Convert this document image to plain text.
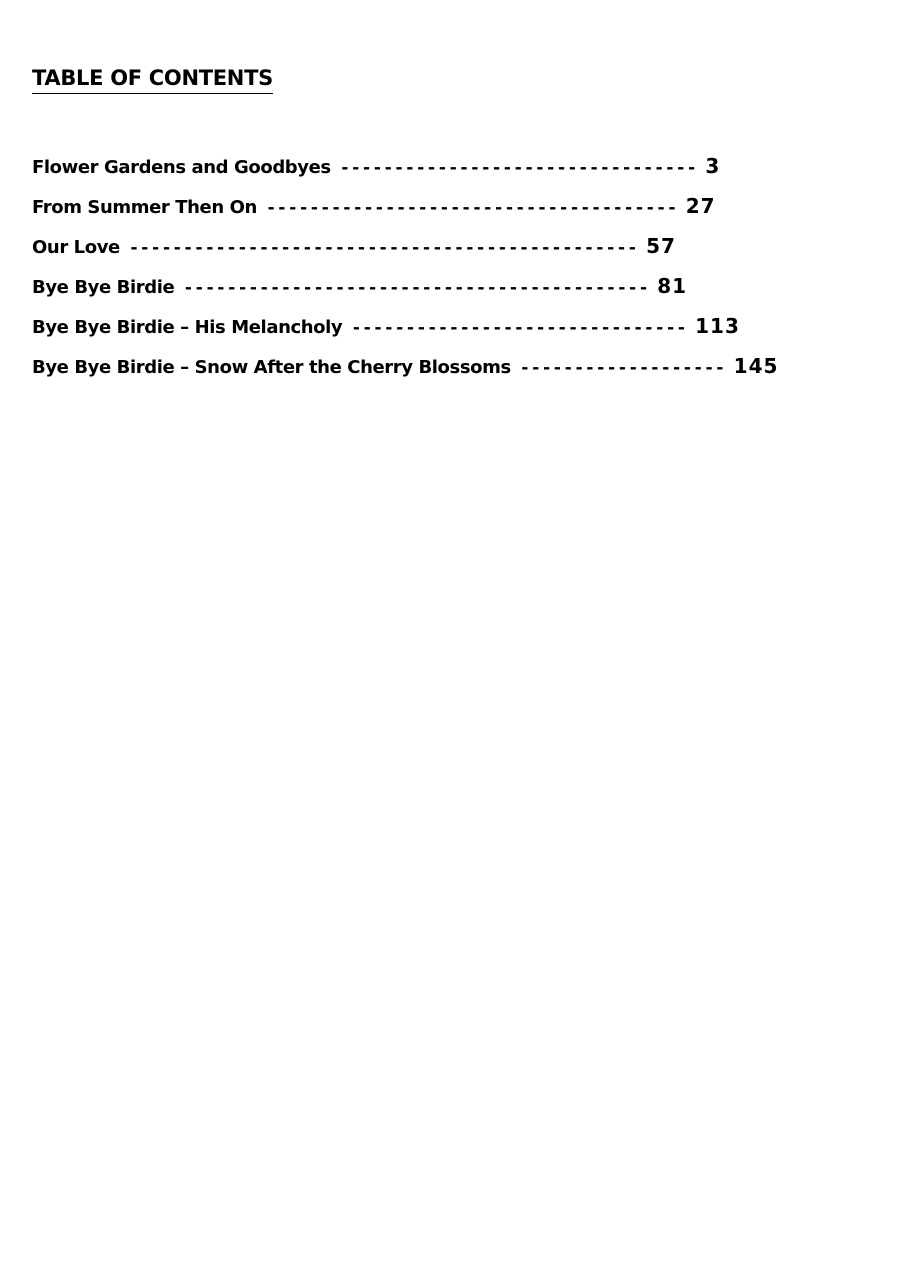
TABLE OF CONTENTS
Flower Gardens and Goodbyes --------------------------------- 3
From Summer Then On -------------------------------------- 27
Our Love ----------------------------------------------- 57
Bye Bye Birdie ------------------------------------------- 81
Bye Bye Birdie – His Melancholy ------------------------------- 113
Bye Bye Birdie – Snow After the Cherry Blossoms ------------------- 145
